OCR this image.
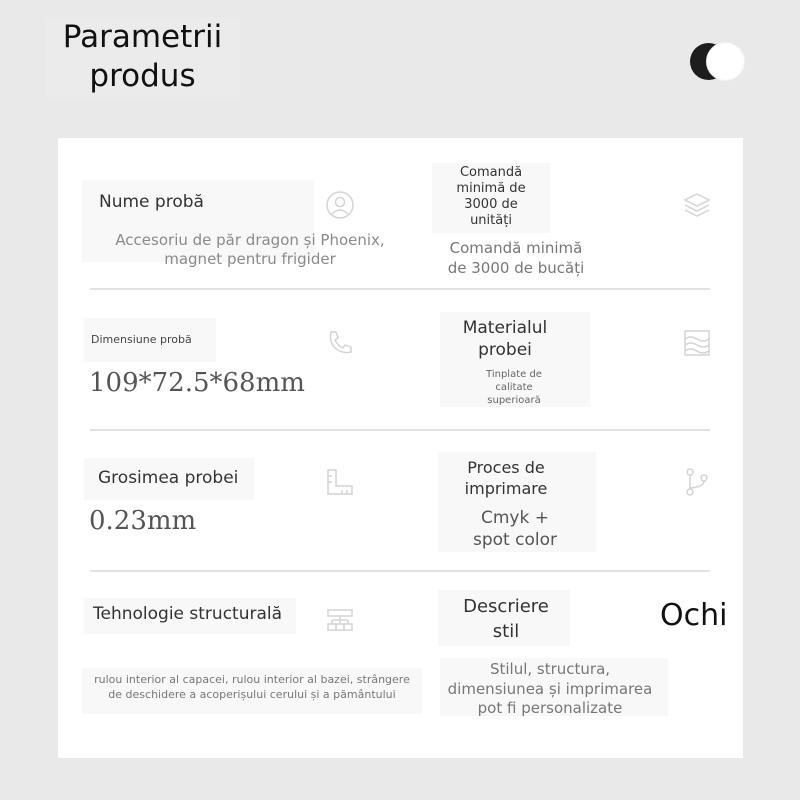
Parametrii
produs
Nume probă
Accesoriu de păr dragon și Phoenix,
magnet pentru frigider
Comandă
minimă de
3000 de
unități
Comandă minimă
de 3000 de bucăți
Dimensiune probă
109*72.5*68mm
Materialul
probei
Tinplate de
calitate
superioară
Grosimea probei
0.23mm
Proces de
imprimare
Cmyk +
spot color
Tehnologie structurală
rulou interior al capacei, rulou interior al bazei, strângere
de deschidere a acoperișului cerului și a pământului
Descriere
stil
Stilul, structura,
dimensiunea și imprimarea
pot fi personalizate
Ochi
